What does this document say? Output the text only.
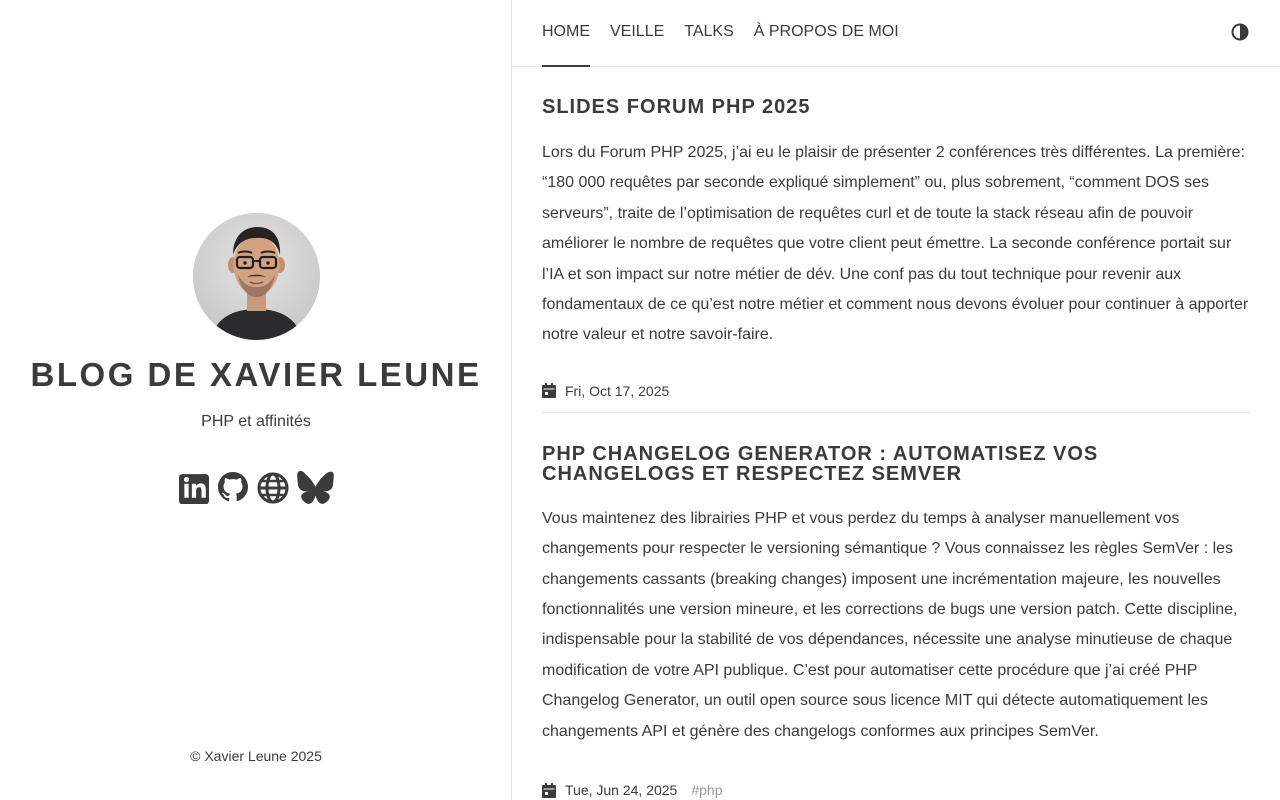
BLOG DE XAVIER LEUNE

PHP et affinités

© Xavier Leune 2025

HOME VEILLE TALKS À PROPOS DE MOI
SLIDES FORUM PHP 2025

Lors du Forum PHP 2025, j’ai eu le plaisir de présenter 2 conférences très différentes. La première: “180 000 requêtes par seconde expliqué simplement” ou, plus sobrement, “comment DOS ses serveurs”, traite de l’optimisation de requêtes curl et de toute la stack réseau afin de pouvoir améliorer le nombre de requêtes que votre client peut émettre. La seconde conférence portait sur l’IA et son impact sur notre métier de dév. Une conf pas du tout technique pour revenir aux fondamentaux de ce qu’est notre métier et comment nous devons évoluer pour continuer à apporter notre valeur et notre savoir-faire.

Fri, Oct 17, 2025
PHP CHANGELOG GENERATOR : AUTOMATISEZ VOS CHANGELOGS ET RESPECTEZ SEMVER

Vous maintenez des librairies PHP et vous perdez du temps à analyser manuellement vos changements pour respecter le versioning sémantique ? Vous connaissez les règles SemVer : les changements cassants (breaking changes) imposent une incrémentation majeure, les nouvelles fonctionnalités une version mineure, et les corrections de bugs une version patch. Cette discipline, indispensable pour la stabilité de vos dépendances, nécessite une analyse minutieuse de chaque modification de votre API publique. C’est pour automatiser cette procédure que j’ai créé PHP Changelog Generator, un outil open source sous licence MIT qui détecte automatiquement les changements API et génère des changelogs conformes aux principes SemVer.

Tue, Jun 24, 2025 #php
